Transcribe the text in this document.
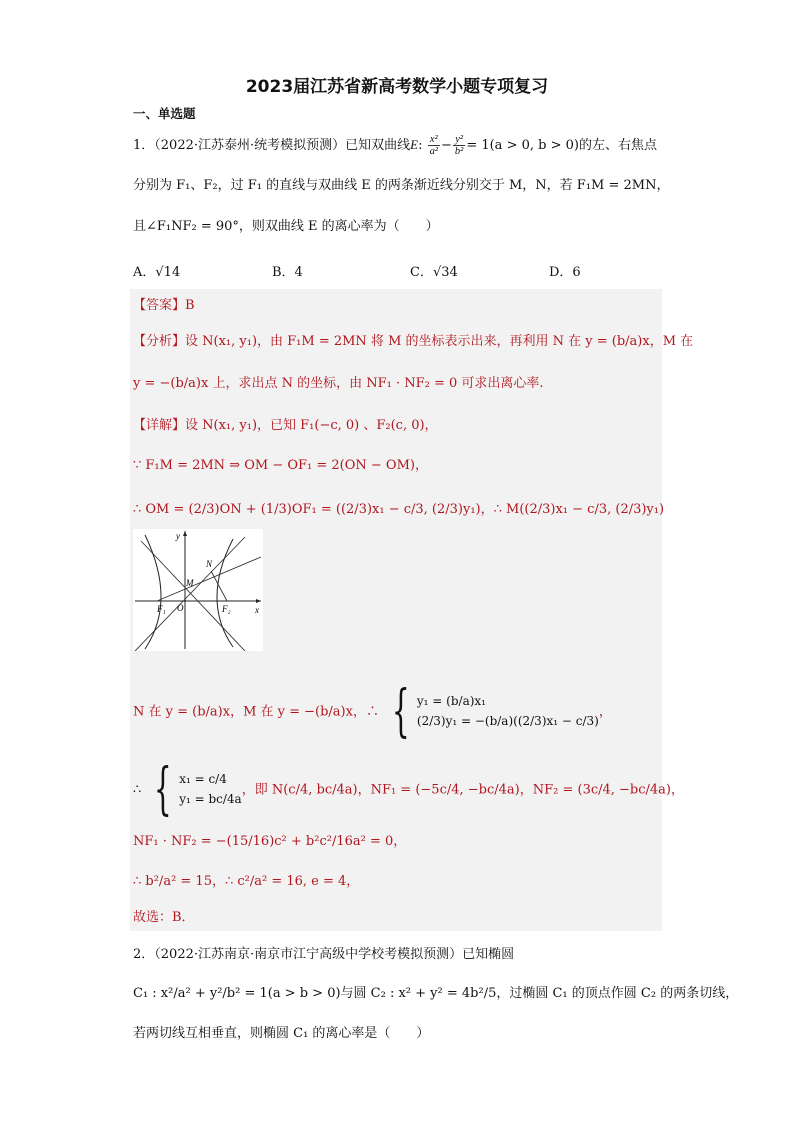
2023届江苏省新高考数学小题专项复习
一、单选题
1．（2022·江苏泰州·统考模拟预测）已知双曲线E: $\frac{\text{x²}}{\text{a²}} - \frac{\text{y²}}{\text{b²}} = 1(a > 0$, b > 0)的左、右焦点
分别为 F₁、F₂，过 F₁ 的直线与双曲线 E 的两条渐近线分别交于 M，N，若 F₁M = 2MN，
且∠F₁NF₂ = 90°，则双曲线 E 的离心率为（　　）
A．√14	B．4	C．√34	D．6
【答案】B
【分析】设 N(x₁, y₁)，由 F₁M = 2MN 将 M 的坐标表示出来，再利用 N 在 y = (b/a)x，M 在
y = −(b/a)x 上，求出点 N 的坐标，由 NF₁ · NF₂ = 0 可求出离心率.
【详解】设 N(x₁, y₁)，已知 F₁(−c, 0) 、F₂(c, 0)，
∵ F₁M = 2MN ⇒ OM − OF₁ = 2(ON − OM)，
∴ OM = (2/3)ON + (1/3)OF₁ = ((2/3)x₁ − c/3, (2/3)y₁)，∴ M((2/3)x₁ − c/3, (2/3)y₁)
y
x
O
M
N
F₁	F₂
N 在 y = (b/a)x，M 在 y = −(b/a)x，∴ { y₁ = (b/a)x₁
(2/3)y₁ = −(b/a)((2/3)x₁ − c/3)
，
∴ { x₁ = c/4
y₁ = bc/4a
，即 N(c/4, bc/4a)，NF₁ = (−5c/4, −bc/4a)，NF₂ = (3c/4, −bc/4a)，
NF₁ · NF₂ = −(15/16)c² + b²c²/16a² = 0，
∴ b²/a² = 15，∴ c²/a² = 16, e = 4，
故选：B．
2．（2022·江苏南京·南京市江宁高级中学校考模拟预测）已知椭圆
C₁ : x²/a² + y²/b² = 1(a > b > 0)与圆 C₂ : x² + y² = 4b²/5，过椭圆 C₁ 的顶点作圆 C₂ 的两条切线，
若两切线互相垂直，则椭圆 C₁ 的离心率是（　　）
